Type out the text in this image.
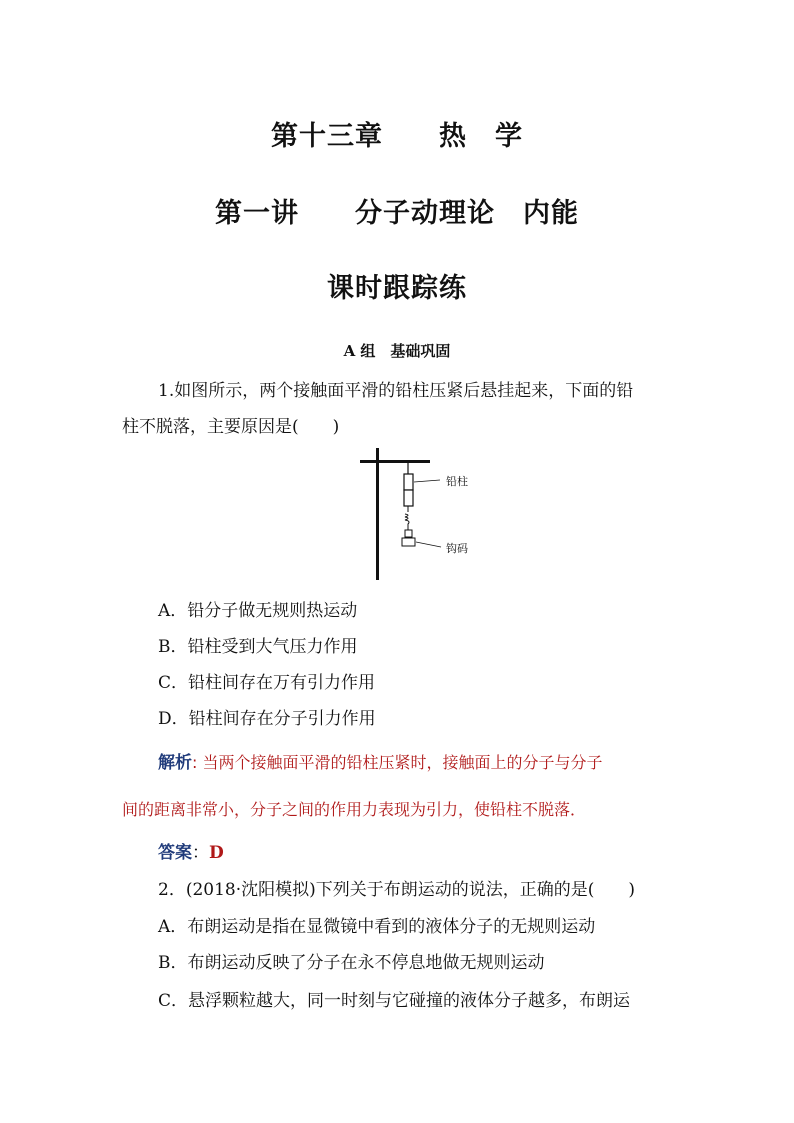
第十三章　　热　学
第一讲　　分子动理论　内能
课时跟踪练
A 组　基础巩固
1.如图所示，两个接触面平滑的铅柱压紧后悬挂起来，下面的铅
柱不脱落，主要原因是(　　)
铅柱
钩码
A．铅分子做无规则热运动
B．铅柱受到大气压力作用
C．铅柱间存在万有引力作用
D．铅柱间存在分子引力作用
解析: 当两个接触面平滑的铅柱压紧时，接触面上的分子与分子
间的距离非常小，分子之间的作用力表现为引力，使铅柱不脱落．
答案：D
2．(2018·沈阳模拟)下列关于布朗运动的说法，正确的是(　　)
A．布朗运动是指在显微镜中看到的液体分子的无规则运动
B．布朗运动反映了分子在永不停息地做无规则运动
C．悬浮颗粒越大，同一时刻与它碰撞的液体分子越多，布朗运
